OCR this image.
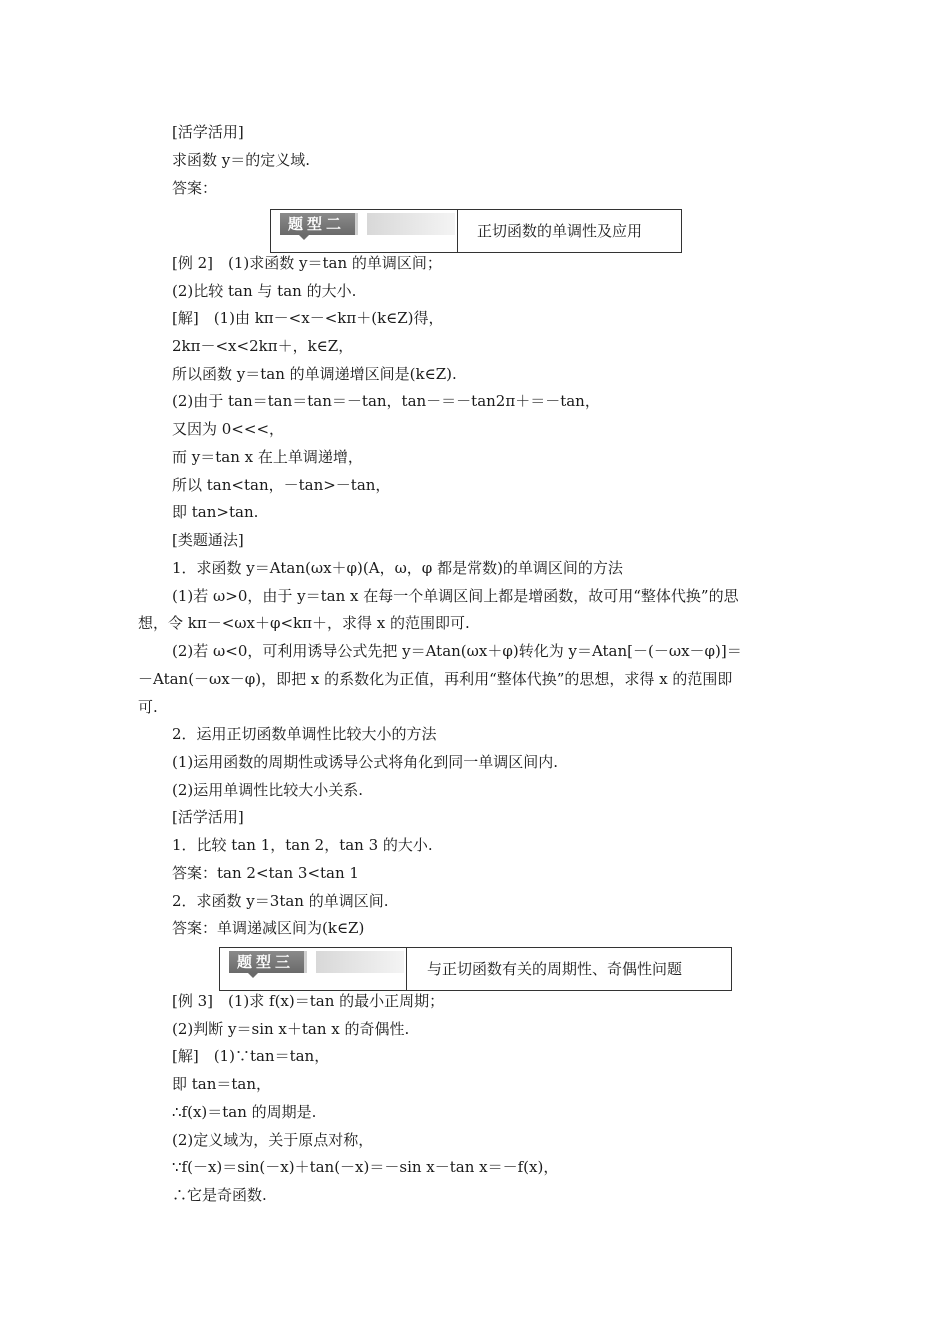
[活学活用]
求函数 y＝的定义域.
答案：
题型二	正切函数的单调性及应用
[例 2]　(1)求函数 y＝tan 的单调区间；
(2)比较 tan 与 tan 的大小.
[解]　(1)由 kπ－<x－<kπ＋(k∈Z)得，
2kπ－<x<2kπ＋，k∈Z，
所以函数 y＝tan 的单调递增区间是(k∈Z).
(2)由于 tan＝tan＝tan＝－tan，tan－＝－tan2π＋＝－tan，
又因为 0<<<，
而 y＝tan x 在上单调递增，
所以 tan<tan，－tan>－tan，
即 tan>tan.
[类题通法]
1．求函数 y＝Atan(ωx＋φ)(A，ω，φ 都是常数)的单调区间的方法
(1)若 ω>0，由于 y＝tan x 在每一个单调区间上都是增函数，故可用“整体代换”的思
想，令 kπ－<ωx＋φ<kπ＋，求得 x 的范围即可.
(2)若 ω<0，可利用诱导公式先把 y＝Atan(ωx＋φ)转化为 y＝Atan[－(－ωx－φ)]＝
－Atan(－ωx－φ)，即把 x 的系数化为正值，再利用“整体代换”的思想，求得 x 的范围即
可.
2．运用正切函数单调性比较大小的方法
(1)运用函数的周期性或诱导公式将角化到同一单调区间内.
(2)运用单调性比较大小关系.
[活学活用]
1．比较 tan 1，tan 2，tan 3 的大小.
答案：tan 2<tan 3<tan 1
2．求函数 y＝3tan 的单调区间.
答案：单调递减区间为(k∈Z)
题型三	与正切函数有关的周期性、奇偶性问题
[例 3]　(1)求 f(x)＝tan 的最小正周期；
(2)判断 y＝sin x＋tan x 的奇偶性.
[解]　(1)∵tan＝tan，
即 tan＝tan，
∴f(x)＝tan 的周期是.
(2)定义域为，关于原点对称，
∵f(－x)＝sin(－x)＋tan(－x)＝－sin x－tan x＝－f(x)，
∴它是奇函数.
